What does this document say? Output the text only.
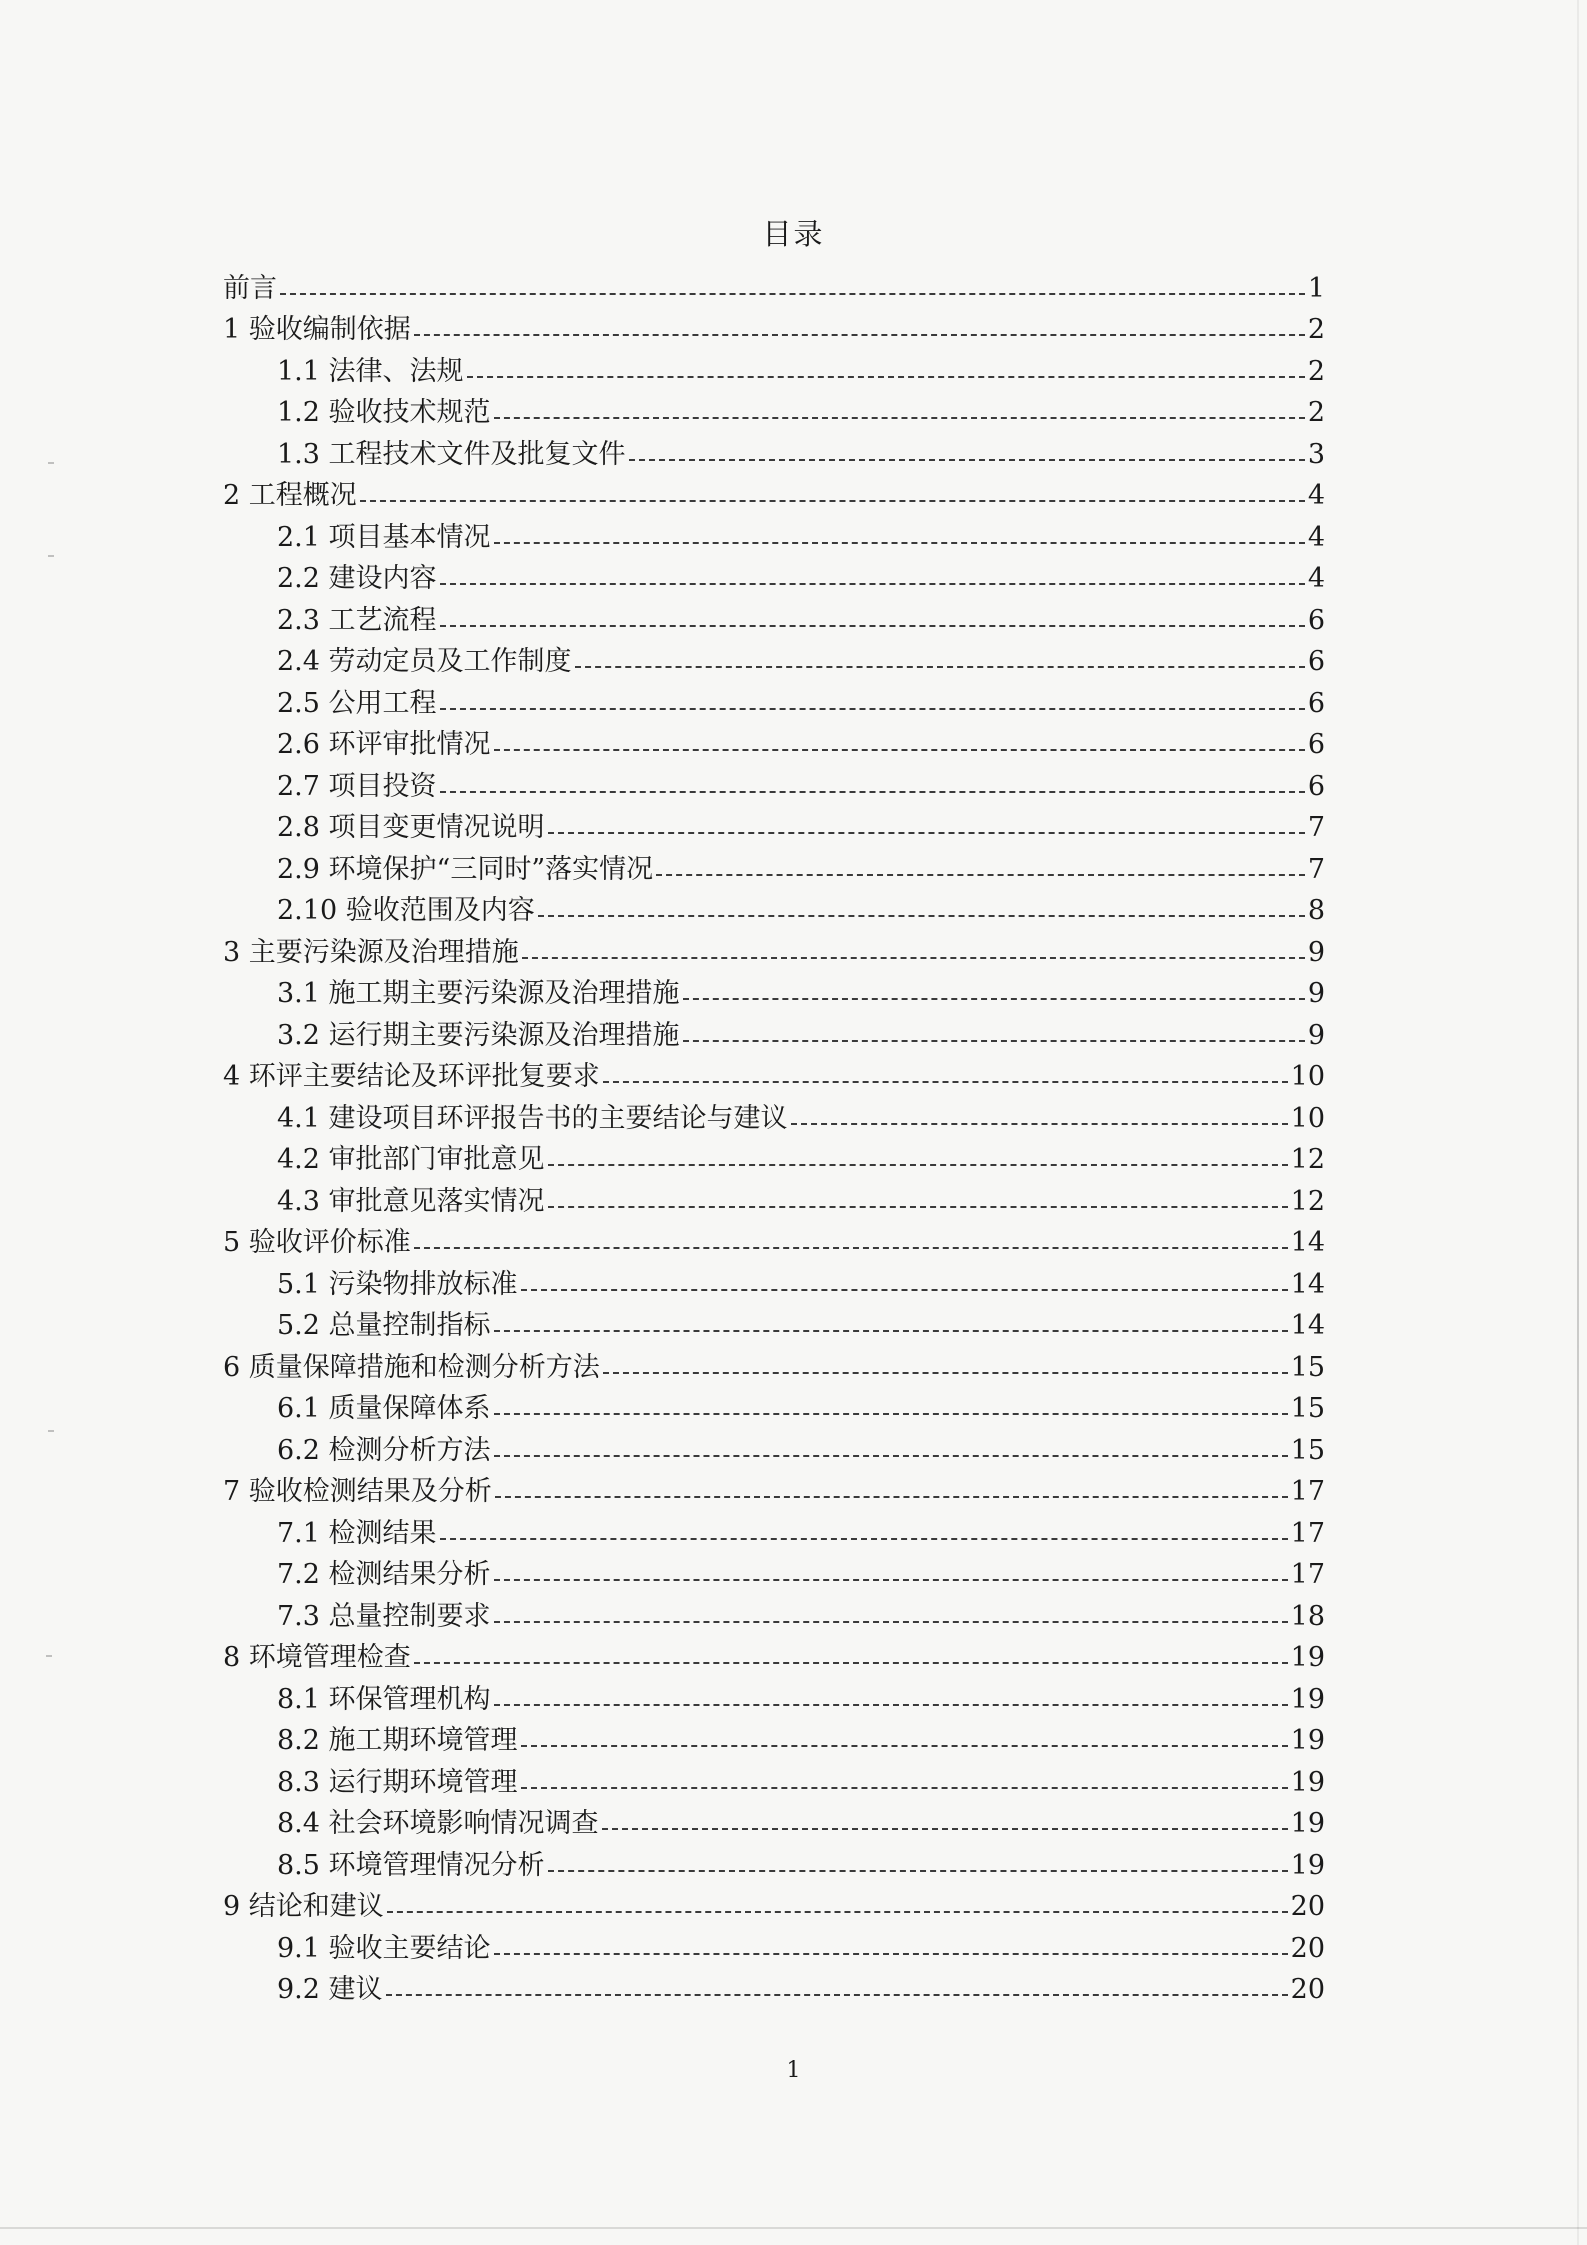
目录
前言	1
1 验收编制依据	2
1.1 法律、法规	2
1.2 验收技术规范	2
1.3 工程技术文件及批复文件	3
2 工程概况	4
2.1 项目基本情况	4
2.2 建设内容	4
2.3 工艺流程	6
2.4 劳动定员及工作制度	6
2.5 公用工程	6
2.6 环评审批情况	6
2.7 项目投资	6
2.8 项目变更情况说明	7
2.9 环境保护“三同时”落实情况	7
2.10 验收范围及内容	8
3 主要污染源及治理措施	9
3.1 施工期主要污染源及治理措施	9
3.2 运行期主要污染源及治理措施	9
4 环评主要结论及环评批复要求	10
4.1 建设项目环评报告书的主要结论与建议	10
4.2 审批部门审批意见	12
4.3 审批意见落实情况	12
5 验收评价标准	14
5.1 污染物排放标准	14
5.2 总量控制指标	14
6 质量保障措施和检测分析方法	15
6.1 质量保障体系	15
6.2 检测分析方法	15
7 验收检测结果及分析	17
7.1 检测结果	17
7.2 检测结果分析	17
7.3 总量控制要求	18
8 环境管理检查	19
8.1 环保管理机构	19
8.2 施工期环境管理	19
8.3 运行期环境管理	19
8.4 社会环境影响情况调查	19
8.5 环境管理情况分析	19
9 结论和建议	20
9.1 验收主要结论	20
9.2 建议	20
1
